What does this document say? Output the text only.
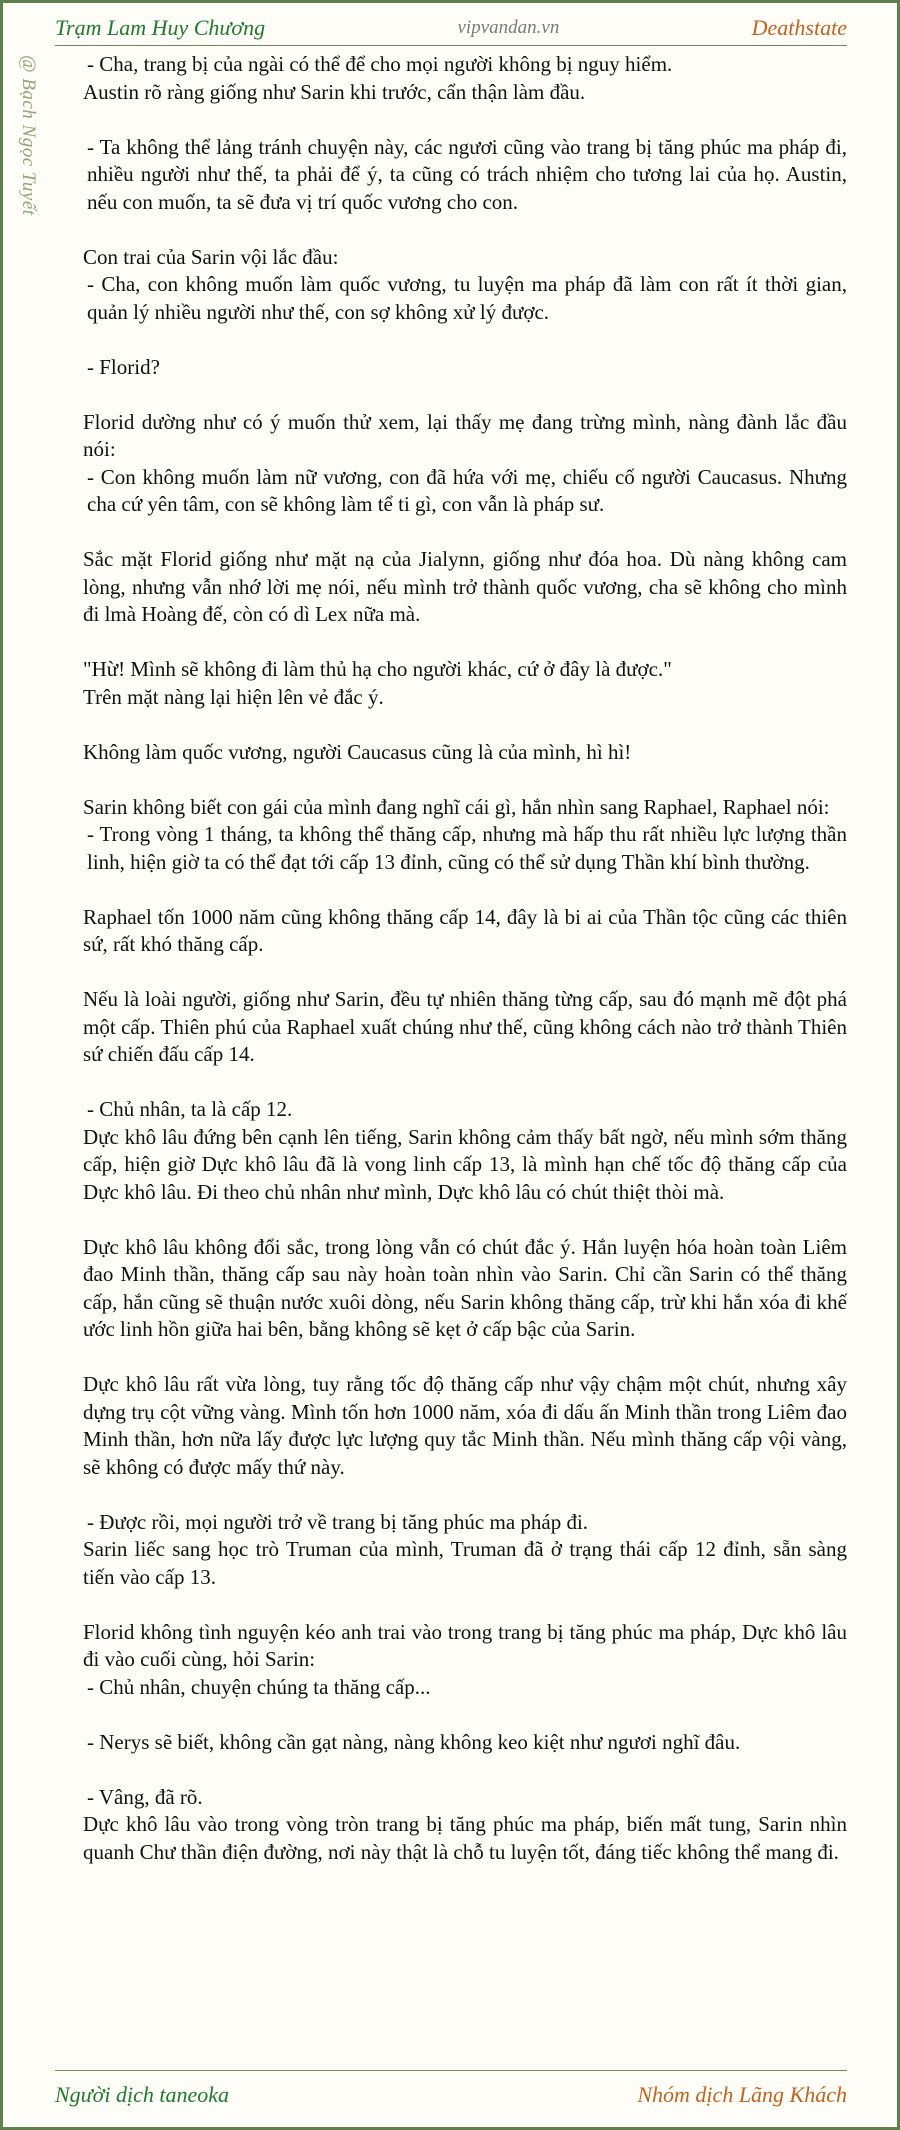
Trạm Lam Huy Chương	vipvandan.vn	Deathstate
@ Bạch Ngọc Tuyết - Cha, trang bị của ngài có thể để cho mọi người không bị nguy hiểm.

Austin rõ ràng giống như Sarin khi trước, cẩn thận làm đầu.

- Ta không thể lảng tránh chuyện này, các ngươi cũng vào trang bị tăng phúc ma pháp đi, nhiều người như thế, ta phải để ý, ta cũng có trách nhiệm cho tương lai của họ. Austin, nếu con muốn, ta sẽ đưa vị trí quốc vương cho con.

Con trai của Sarin vội lắc đầu:

- Cha, con không muốn làm quốc vương, tu luyện ma pháp đã làm con rất ít thời gian, quản lý nhiều người như thế, con sợ không xử lý được.

- Florid?

Florid dường như có ý muốn thử xem, lại thấy mẹ đang trừng mình, nàng đành lắc đầu nói:

- Con không muốn làm nữ vương, con đã hứa với mẹ, chiếu cố người Caucasus. Nhưng cha cứ yên tâm, con sẽ không làm tể ti gì, con vẫn là pháp sư.

Sắc mặt Florid giống như mặt nạ của Jialynn, giống như đóa hoa. Dù nàng không cam lòng, nhưng vẫn nhớ lời mẹ nói, nếu mình trở thành quốc vương, cha sẽ không cho mình đi lmà Hoàng đế, còn có dì Lex nữa mà.

"Hừ! Mình sẽ không đi làm thủ hạ cho người khác, cứ ở đây là được."

Trên mặt nàng lại hiện lên vẻ đắc ý.

Không làm quốc vương, người Caucasus cũng là của mình, hì hì!

Sarin không biết con gái của mình đang nghĩ cái gì, hắn nhìn sang Raphael, Raphael nói:

- Trong vòng 1 tháng, ta không thể thăng cấp, nhưng mà hấp thu rất nhiều lực lượng thần linh, hiện giờ ta có thể đạt tới cấp 13 đỉnh, cũng có thể sử dụng Thần khí bình thường.

Raphael tốn 1000 năm cũng không thăng cấp 14, đây là bi ai của Thần tộc cũng các thiên sứ, rất khó thăng cấp.

Nếu là loài người, giống như Sarin, đều tự nhiên thăng từng cấp, sau đó mạnh mẽ đột phá một cấp. Thiên phú của Raphael xuất chúng như thế, cũng không cách nào trở thành Thiên sứ chiến đấu cấp 14.

- Chủ nhân, ta là cấp 12.

Dực khô lâu đứng bên cạnh lên tiếng, Sarin không cảm thấy bất ngờ, nếu mình sớm thăng cấp, hiện giờ Dực khô lâu đã là vong linh cấp 13, là mình hạn chế tốc độ thăng cấp của Dực khô lâu. Đi theo chủ nhân như mình, Dực khô lâu có chút thiệt thòi mà.

Dực khô lâu không đổi sắc, trong lòng vẫn có chút đắc ý. Hắn luyện hóa hoàn toàn Liêm đao Minh thần, thăng cấp sau này hoàn toàn nhìn vào Sarin. Chỉ cần Sarin có thể thăng cấp, hắn cũng sẽ thuận nước xuôi dòng, nếu Sarin không thăng cấp, trừ khi hắn xóa đi khế ước linh hồn giữa hai bên, bằng không sẽ kẹt ở cấp bậc của Sarin.

Dực khô lâu rất vừa lòng, tuy rằng tốc độ thăng cấp như vậy chậm một chút, nhưng xây dựng trụ cột vững vàng. Mình tốn hơn 1000 năm, xóa đi dấu ấn Minh thần trong Liêm đao Minh thần, hơn nữa lấy được lực lượng quy tắc Minh thần. Nếu mình thăng cấp vội vàng, sẽ không có được mấy thứ này.

- Được rồi, mọi người trở về trang bị tăng phúc ma pháp đi.

Sarin liếc sang học trò Truman của mình, Truman đã ở trạng thái cấp 12 đỉnh, sẵn sàng tiến vào cấp 13.

Florid không tình nguyện kéo anh trai vào trong trang bị tăng phúc ma pháp, Dực khô lâu đi vào cuối cùng, hỏi Sarin:

- Chủ nhân, chuyện chúng ta thăng cấp...

- Nerys sẽ biết, không cần gạt nàng, nàng không keo kiệt như ngươi nghĩ đâu.

- Vâng, đã rõ.

Dực khô lâu vào trong vòng tròn trang bị tăng phúc ma pháp, biến mất tung, Sarin nhìn quanh Chư thần điện đường, nơi này thật là chỗ tu luyện tốt, đáng tiếc không thể mang đi.

Người dịch taneoka	Nhóm dịch Lãng Khách
